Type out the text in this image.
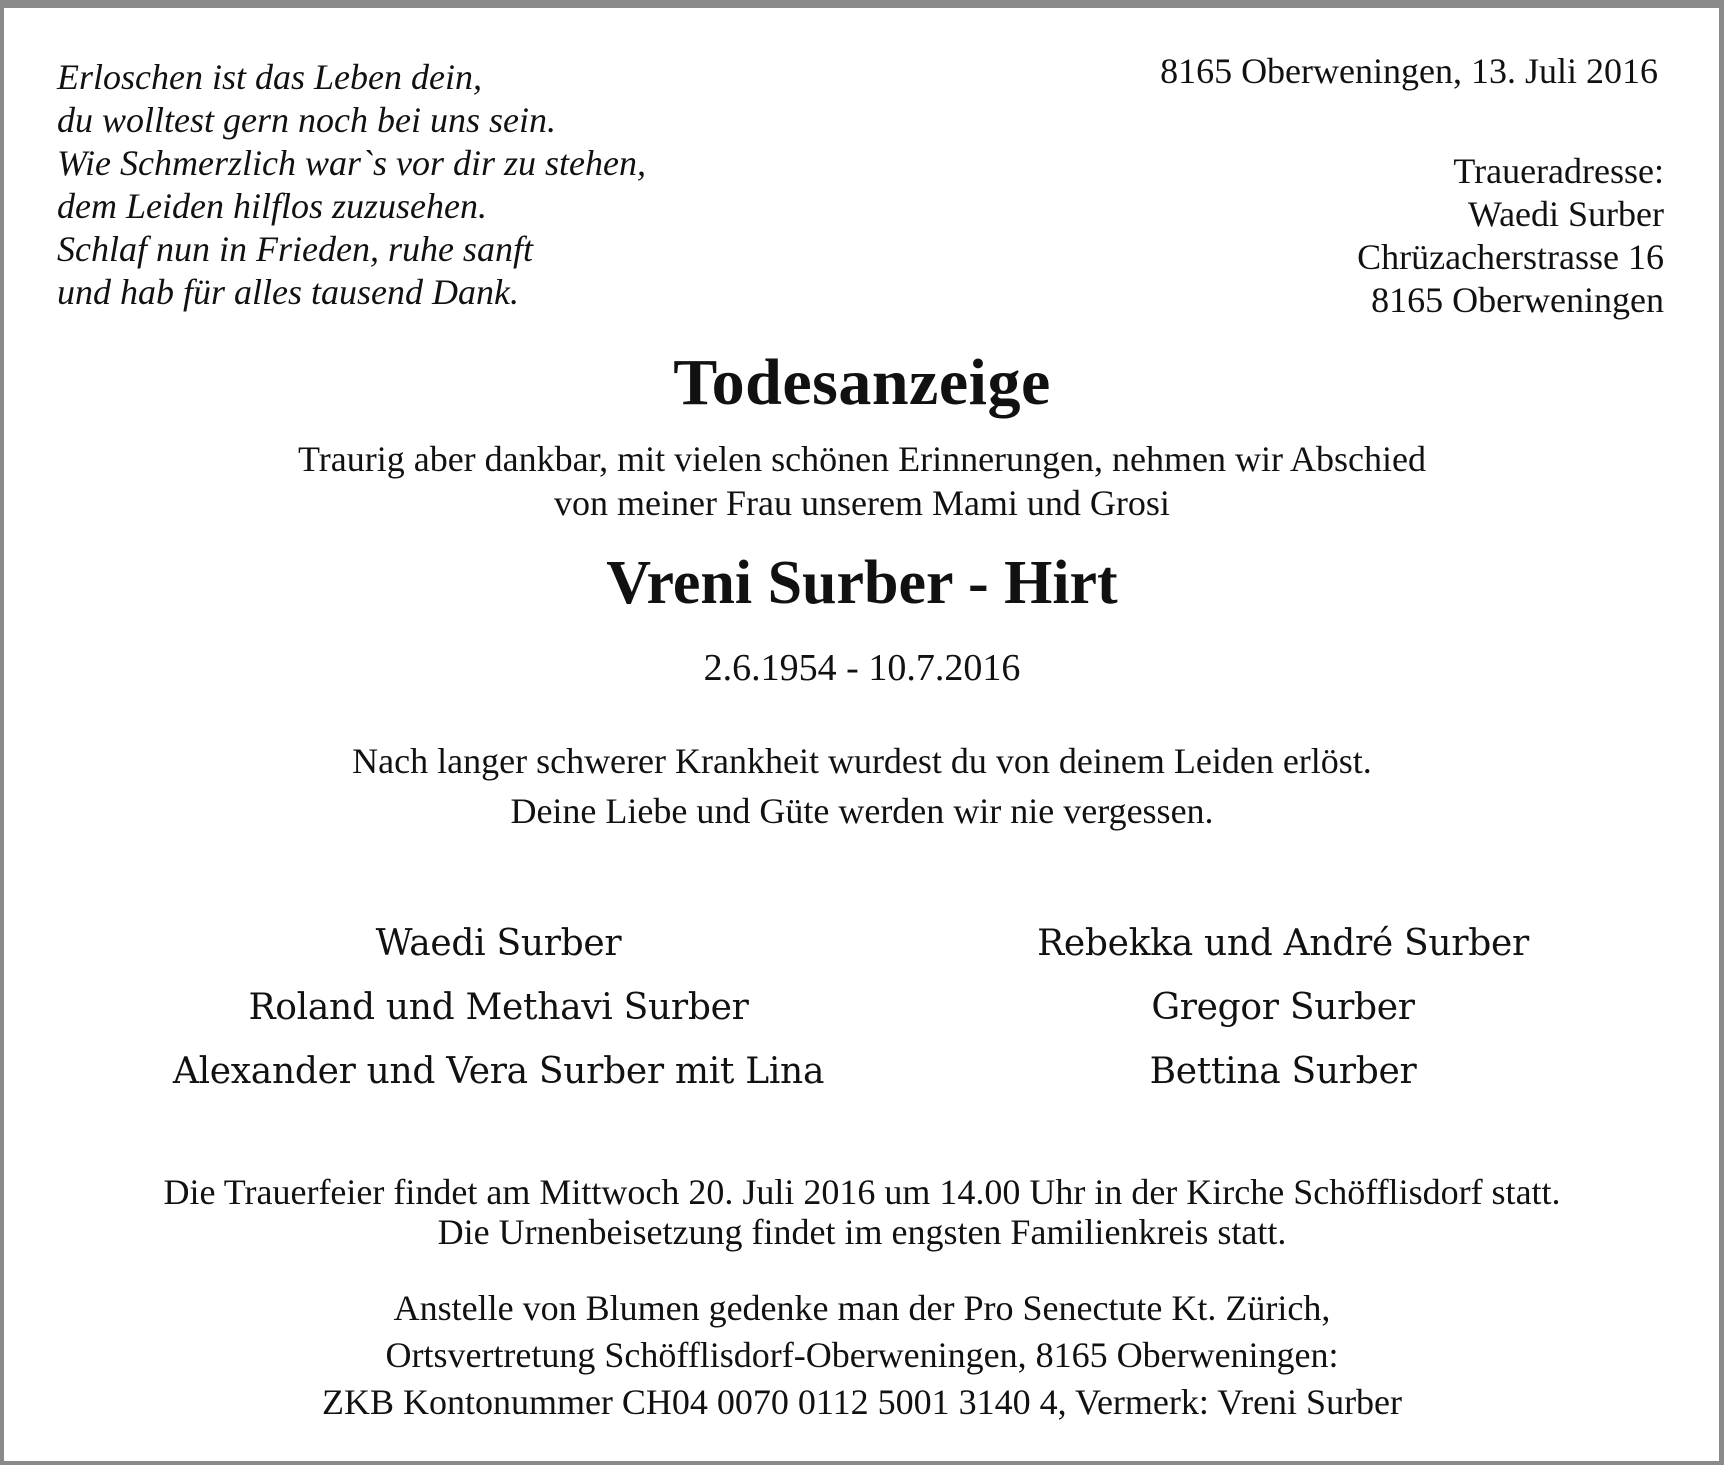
Erloschen ist das Leben dein,
du wolltest gern noch bei uns sein.
Wie Schmerzlich war`s vor dir zu stehen,
dem Leiden hilflos zuzusehen.
Schlaf nun in Frieden, ruhe sanft
und hab für alles tausend Dank.
8165 Oberweningen, 13. Juli 2016
Traueradresse:
Waedi Surber
Chrüzacherstrasse 16
8165 Oberweningen
Todesanzeige
Traurig aber dankbar, mit vielen schönen Erinnerungen, nehmen wir Abschied
von meiner Frau unserem Mami und Grosi
Vreni Surber - Hirt
2.6.1954 - 10.7.2016
Nach langer schwerer Krankheit wurdest du von deinem Leiden erlöst.
Deine Liebe und Güte werden wir nie vergessen.
Waedi Surber
Roland und Methavi Surber
Alexander und Vera Surber mit Lina
Rebekka und André Surber
Gregor Surber
Bettina Surber
Die Trauerfeier findet am Mittwoch 20. Juli 2016 um 14.00 Uhr in der Kirche Schöfflisdorf statt.
Die Urnenbeisetzung findet im engsten Familienkreis statt.
Anstelle von Blumen gedenke man der Pro Senectute Kt. Zürich,
Ortsvertretung Schöfflisdorf-Oberweningen, 8165 Oberweningen:
ZKB Kontonummer CH04 0070 0112 5001 3140 4, Vermerk: Vreni Surber
